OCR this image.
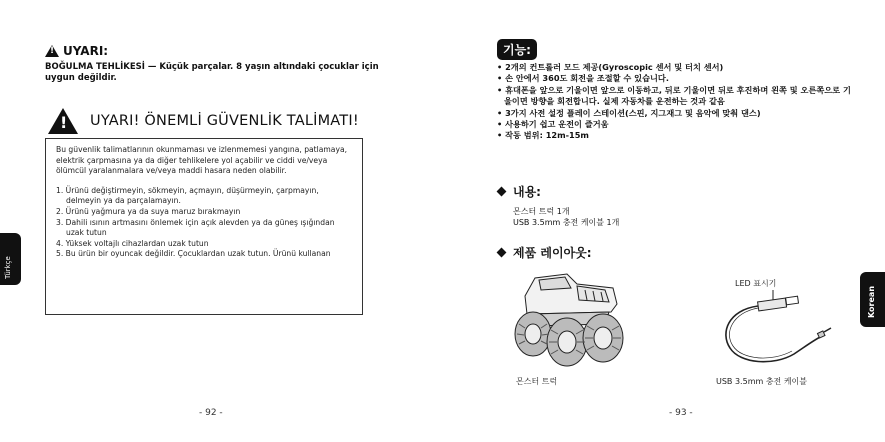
!
UYARI:
BOĞULMA TEHLİKESİ — Küçük parçalar. 8 yaşın altındaki çocuklar için uygun değildir.
!
UYARI! ÖNEMLİ GÜVENLİK TALİMATI!

Bu güvenlik talimatlarının okunmaması ve izlenmemesi yangına, patlamaya, elektrik çarpmasına ya da diğer tehlikelere yol açabilir ve ciddi ve/veya ölümcül yaralanmalara ve/veya maddi hasara neden olabilir.

1. Ürünü değiştirmeyin, sökmeyin, açmayın, düşürmeyin, çarpmayın, delmeyin ya da parçalamayın.
2. Ürünü yağmura ya da suya maruz bırakmayın
3. Dahili ısının artmasını önlemek için açık alevden ya da güneş ışığından uzak tutun
4. Yüksek voltajlı cihazlardan uzak tutun
5. Bu ürün bir oyuncak değildir. Çocuklardan uzak tutun. Ürünü kullanan
Türkçe
- 92 -
기능:
• 2개의 컨트롤러 모드 제공(Gyroscopic 센서 및 터치 센서)
• 손 안에서 360도 회전을 조절할 수 있습니다.
• 휴대폰을 앞으로 기울이면 앞으로 이동하고, 뒤로 기울이면 뒤로 후진하며 왼쪽 및 오른쪽으로 기울이면 방향을 회전합니다. 실제 자동차를 운전하는 것과 같음
• 3가지 사전 설정 플레이 스테이션(스핀, 지그재그 및 음악에 맞춰 댄스)
• 사용하기 쉽고 운전이 즐거움
• 작동 범위: 12m-15m
내용:
몬스터 트럭 1개
USB 3.5mm 충전 케이블 1개
제품 레이아웃:
LED 표시기
몬스터 트럭	USB 3.5mm 충전 케이블
Korean
- 93 -
